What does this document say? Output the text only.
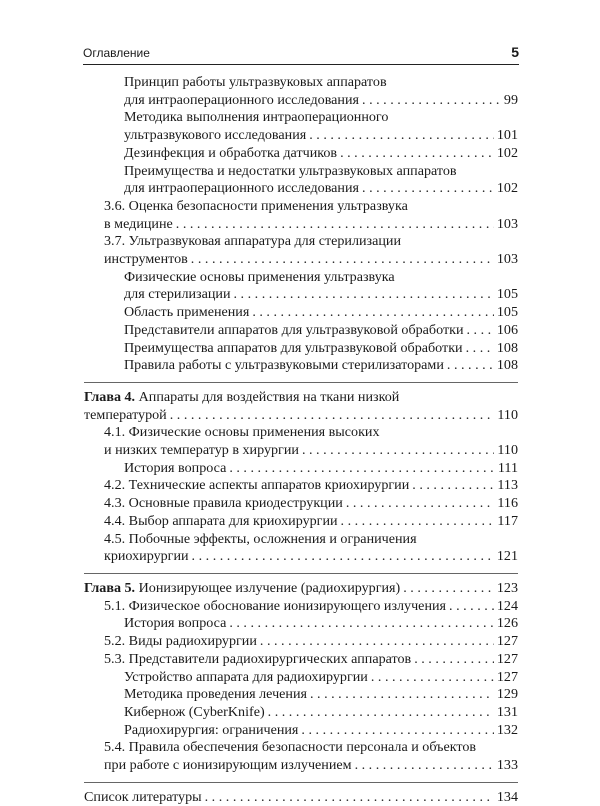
Оглавление	5
Принцип работы ультразвуковых аппаратов
для интраоперационного исследования . . .	99
Методика выполнения интраоперационного
ультразвукового исследования . . .	101
Дезинфекция и обработка датчиков . . .	102
Преимущества и недостатки ультразвуковых аппаратов
для интраоперационного исследования . . .	102
3.6. Оценка безопасности применения ультразвука
в медицине . . .	103
3.7. Ультразвуковая аппаратура для стерилизации
инструментов . . .	103
Физические основы применения ультразвука
для стерилизации . . .	105
Область применения . . .	105
Представители аппаратов для ультразвуковой обработки . . . 106
Преимущества аппаратов для ультразвуковой обработки . . . 108
Правила работы с ультразвуковыми стерилизаторами . . .	108
Глава 4. Аппараты для воздействия на ткани низкой
температурой . . .	110
4.1. Физические основы применения высоких
и низких температур в хирургии . . .	110
История вопроса . . .	111
4.2. Технические аспекты аппаратов криохирургии . . .	113
4.3. Основные правила криодеструкции . . .	116
4.4. Выбор аппарата для криохирургии . . .	117
4.5. Побочные эффекты, осложнения и ограничения
криохирургии . . .	121
Глава 5. Ионизирующее излучение (радиохирургия) . . .	123
5.1. Физическое обоснование ионизирующего излучения . . .	124
История вопроса . . .	126
5.2. Виды радиохирургии . . .	127
5.3. Представители радиохирургических аппаратов . . .	127
Устройство аппарата для радиохирургии . . .	127
Методика проведения лечения . . .	129
Кибернож (CyberKnife) . . .	131
Радиохирургия: ограничения . . .	132
5.4. Правила обеспечения безопасности персонала и объектов
при работе с ионизирующим излучением . . .	133
Список литературы . . .	134
